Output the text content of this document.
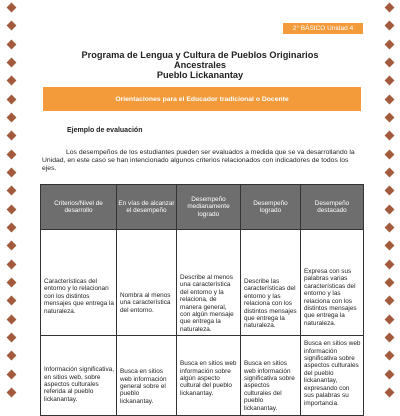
2° BÁSICO Unidad 4
Programa de Lengua y Cultura de Pueblos Originarios Ancestrales
Pueblo Lickanantay
Orientaciones para el Educador tradicional o Docente
Ejemplo de evaluación
Los desempeños de los estudiantes pueden ser evaluados a medida que se va desarrollando la Unidad, en este caso se han intencionado algunos criterios relacionados con indicadores de todos los ejes.
Criterios/Nivel de desarrollo	En vías de alcanzar el desempeño	Desempeño medianamente logrado	Desempeño logrado	Desempeño destacado

Características del entorno y lo relacionan con los distintos mensajes que entrega la naturaleza.	Nombra al menos una característica del entorno.	Describe al menos una característica del entorno y la relaciona, de manera general, con algún mensaje que entrega la naturaleza.	Describe las características del entorno y las relaciona con los distintos mensajes que entrega la naturaleza.	Expresa con sus palabras varias características del entorno y las relaciona con los distintos mensajes que entrega la naturaleza.

Información significativa, en sitios web, sobre aspectos culturales referida al pueblo lickanantay.	Busca en sitios web información general sobre el pueblo lickanantay.	Busca en sitios web información sobre algún aspecto cultural del pueblo lickanantay.	Busca en sitios web información significativa sobre aspectos culturales del pueblo lickanantay.	Busca en sitios web información significativa sobre aspectos culturales del pueblo lickanantay, expresando con sus palabras su importancia.
